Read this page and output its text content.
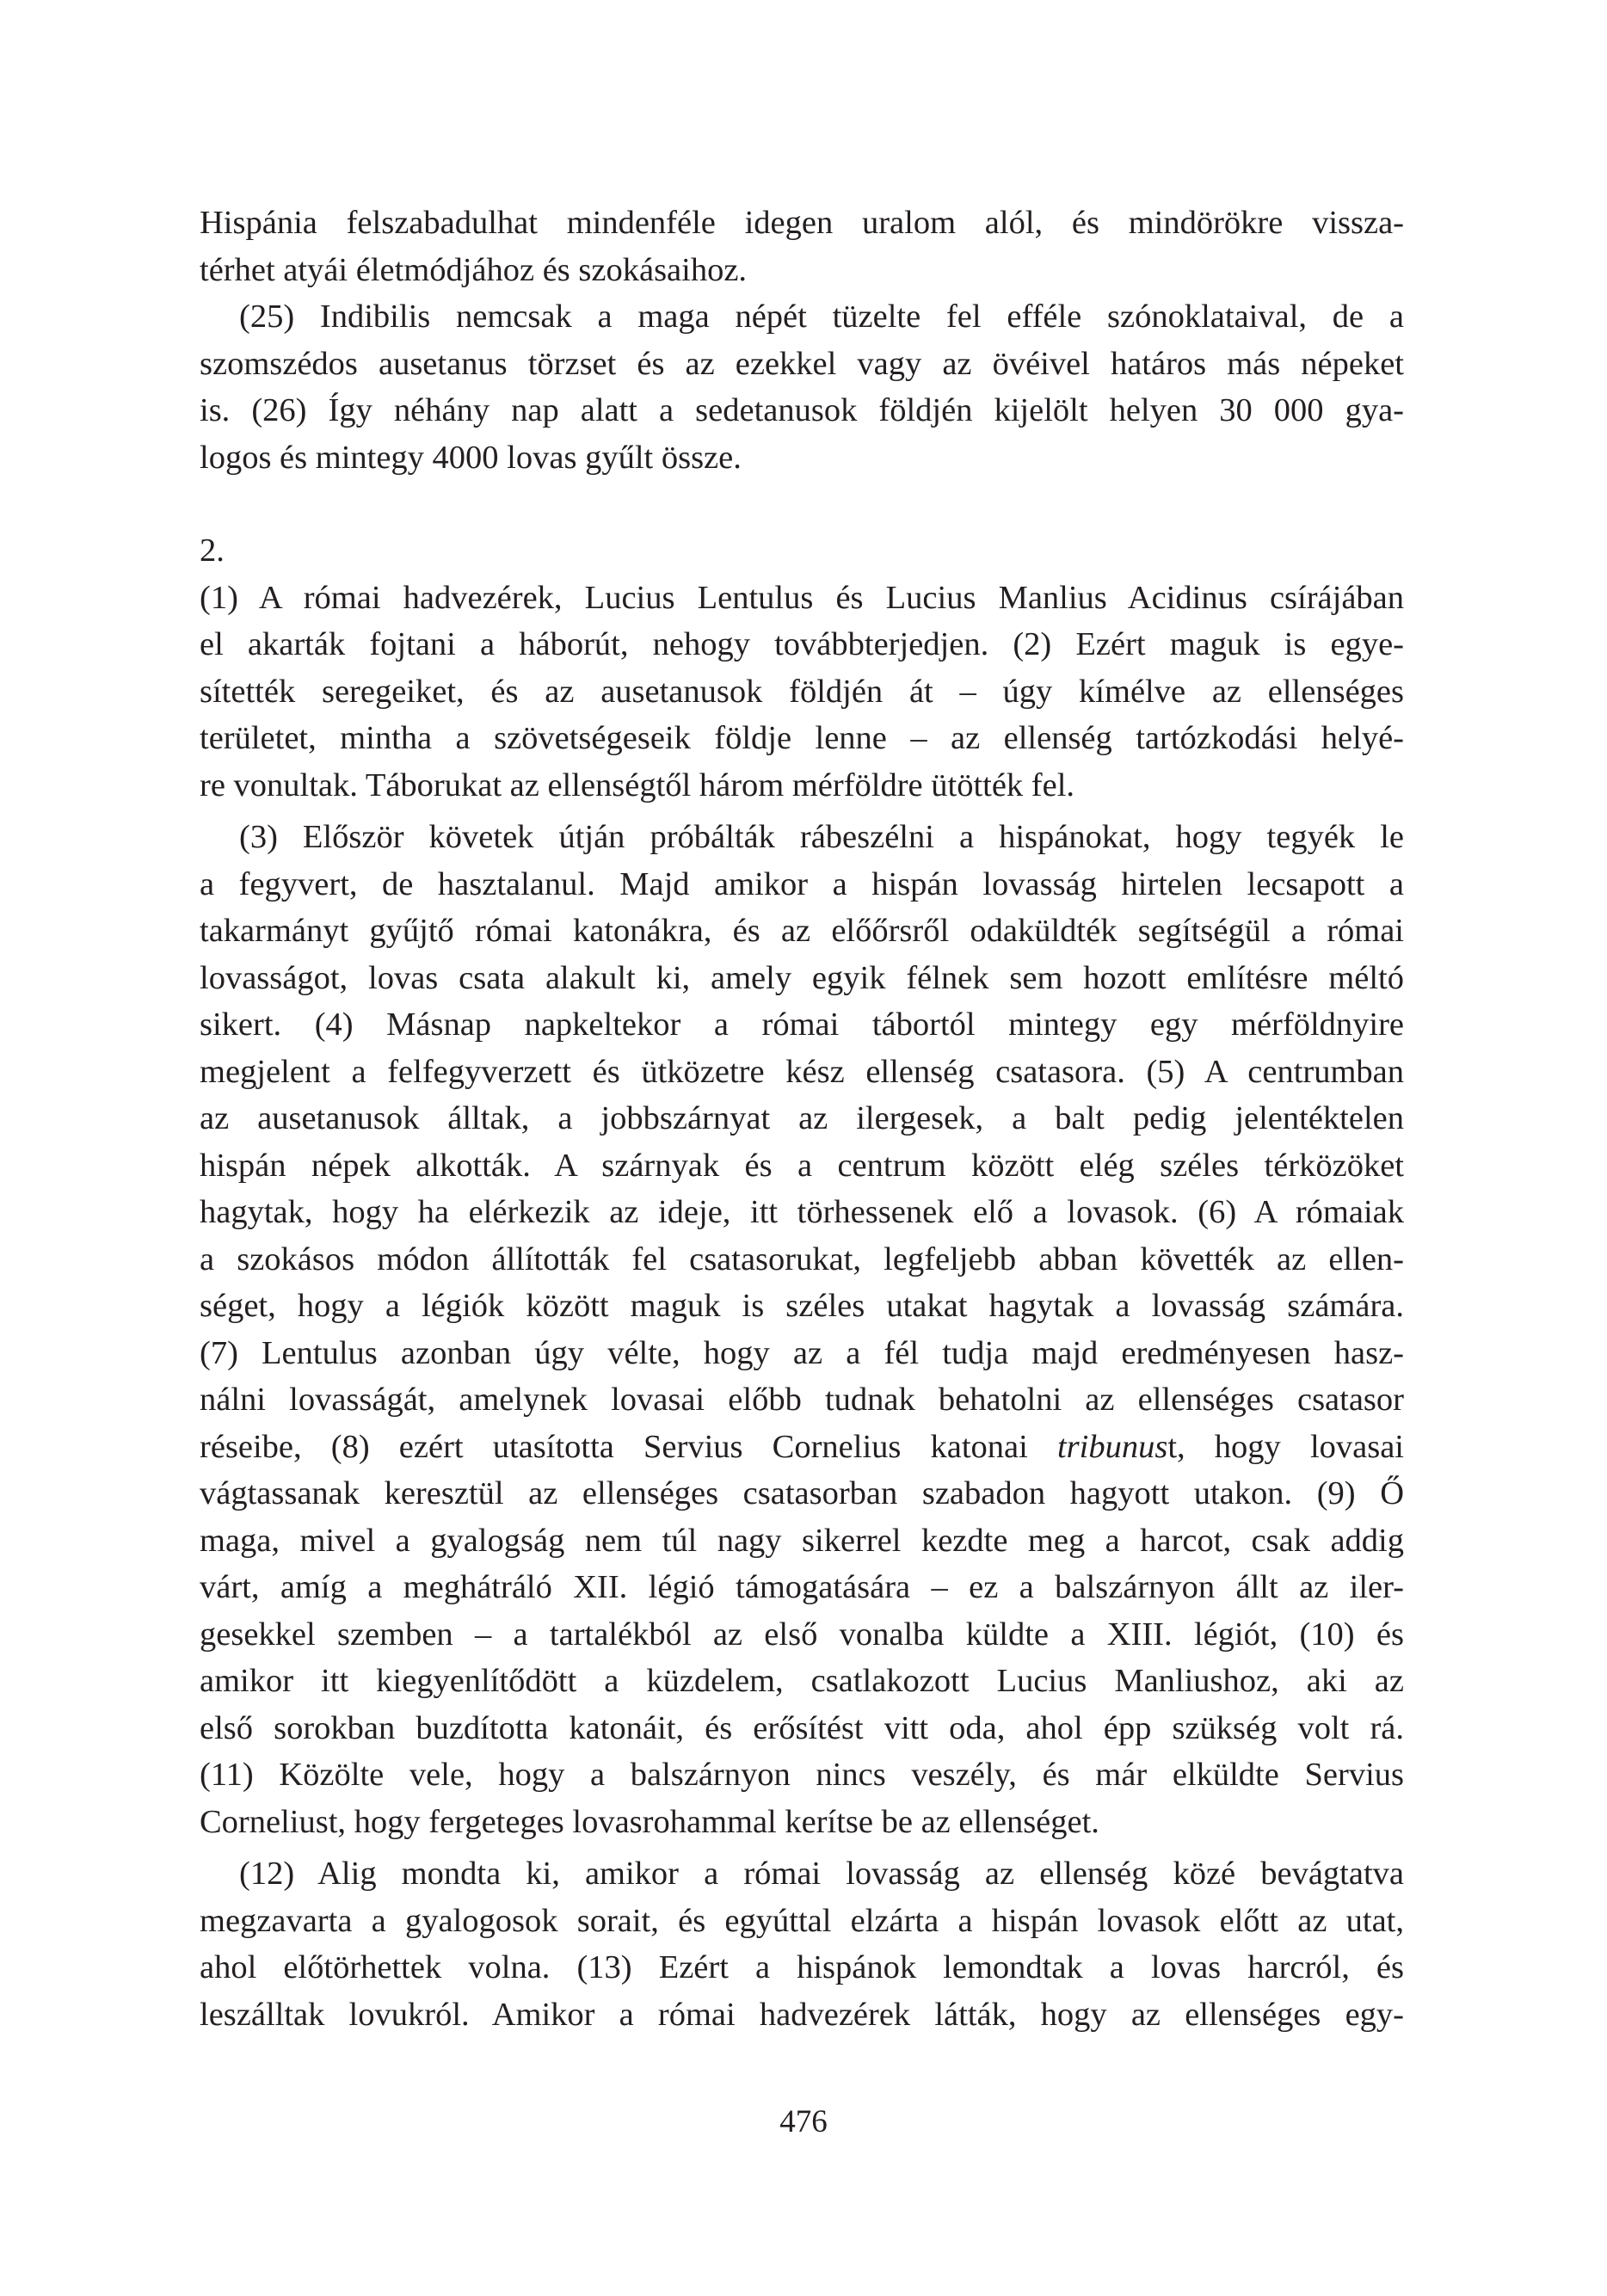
Hispánia felszabadulhat mindenféle idegen uralom alól, és mindörökre vissza-
térhet atyái életmódjához és szokásaihoz.
(25) Indibilis nemcsak a maga népét tüzelte fel efféle szónoklataival, de a
szomszédos ausetanus törzset és az ezekkel vagy az övéivel határos más népeket
is. (26) Így néhány nap alatt a sedetanusok földjén kijelölt helyen 30 000 gya-
logos és mintegy 4000 lovas gyűlt össze.
2.
(1) A római hadvezérek, Lucius Lentulus és Lucius Manlius Acidinus csírájában
el akarták fojtani a háborút, nehogy továbbterjedjen. (2) Ezért maguk is egye-
sítették seregeiket, és az ausetanusok földjén át – úgy kímélve az ellenséges
területet, mintha a szövetségeseik földje lenne – az ellenség tartózkodási helyé-
re vonultak. Táborukat az ellenségtől három mérföldre ütötték fel.
(3) Először követek útján próbálták rábeszélni a hispánokat, hogy tegyék le
a fegyvert, de hasztalanul. Majd amikor a hispán lovasság hirtelen lecsapott a
takarmányt gyűjtő római katonákra, és az előőrsről odaküldték segítségül a római
lovasságot, lovas csata alakult ki, amely egyik félnek sem hozott említésre méltó
sikert. (4) Másnap napkeltekor a római tábortól mintegy egy mérföldnyire
megjelent a felfegyverzett és ütközetre kész ellenség csatasora. (5) A centrumban
az ausetanusok álltak, a jobbszárnyat az ilergesek, a balt pedig jelentéktelen
hispán népek alkották. A szárnyak és a centrum között elég széles térközöket
hagytak, hogy ha elérkezik az ideje, itt törhessenek elő a lovasok. (6) A rómaiak
a szokásos módon állították fel csatasorukat, legfeljebb abban követték az ellen-
séget, hogy a légiók között maguk is széles utakat hagytak a lovasság számára.
(7) Lentulus azonban úgy vélte, hogy az a fél tudja majd eredményesen hasz-
nálni lovasságát, amelynek lovasai előbb tudnak behatolni az ellenséges csatasor
réseibe, (8) ezért utasította Servius Cornelius katonai tribunust, hogy lovasai
vágtassanak keresztül az ellenséges csatasorban szabadon hagyott utakon. (9) Ő
maga, mivel a gyalogság nem túl nagy sikerrel kezdte meg a harcot, csak addig
várt, amíg a meghátráló XII. légió támogatására – ez a balszárnyon állt az iler-
gesekkel szemben – a tartalékból az első vonalba küldte a XIII. légiót, (10) és
amikor itt kiegyenlítődött a küzdelem, csatlakozott Lucius Manliushoz, aki az
első sorokban buzdította katonáit, és erősítést vitt oda, ahol épp szükség volt rá.
(11) Közölte vele, hogy a balszárnyon nincs veszély, és már elküldte Servius
Corneliust, hogy fergeteges lovasrohammal kerítse be az ellenséget.
(12) Alig mondta ki, amikor a római lovasság az ellenség közé bevágtatva
megzavarta a gyalogosok sorait, és egyúttal elzárta a hispán lovasok előtt az utat,
ahol előtörhettek volna. (13) Ezért a hispánok lemondtak a lovas harcról, és
leszálltak lovukról. Amikor a római hadvezérek látták, hogy az ellenséges egy-
476
